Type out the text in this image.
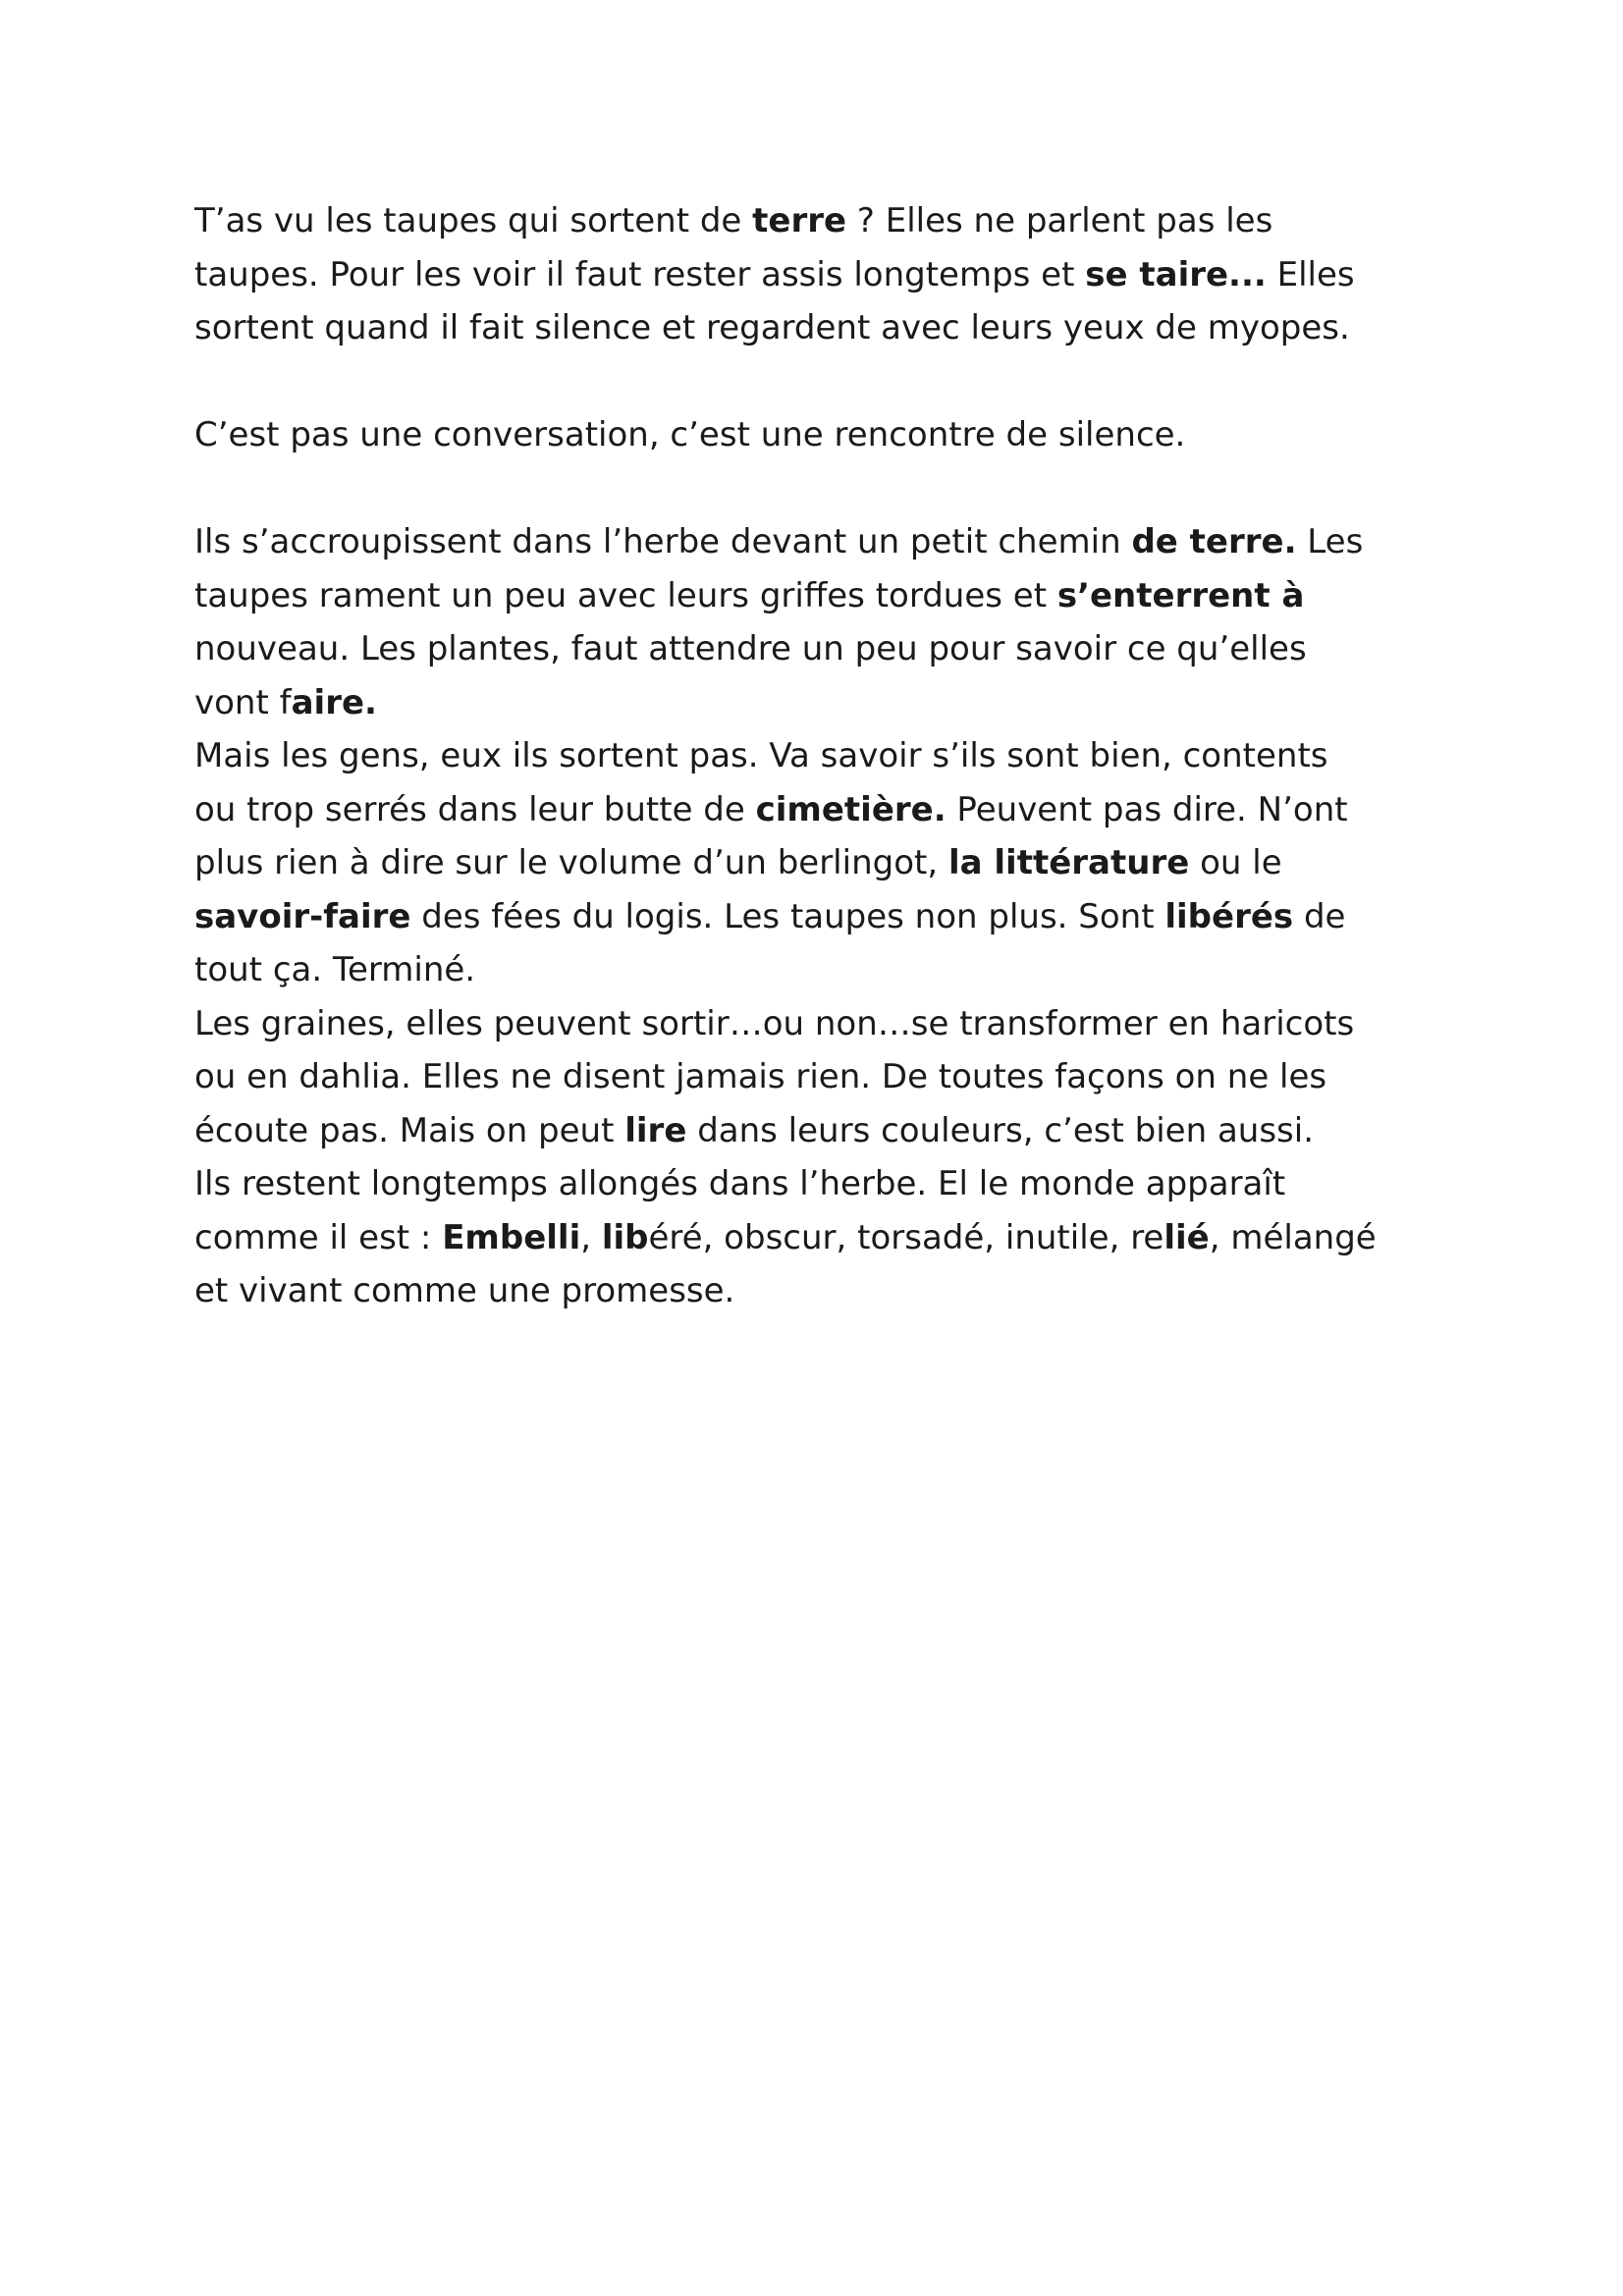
T’as vu les taupes qui sortent de terre ? Elles ne parlent pas les
taupes. Pour les voir il faut rester assis longtemps et se taire... Elles
sortent quand il fait silence et regardent avec leurs yeux de myopes.
C’est pas une conversation, c’est une rencontre de silence.
Ils s’accroupissent dans l’herbe devant un petit chemin de terre. Les
taupes rament un peu avec leurs griffes tordues et s’enterrent à
nouveau. Les plantes, faut attendre un peu pour savoir ce qu’elles
vont faire.
Mais les gens, eux ils sortent pas. Va savoir s’ils sont bien, contents
ou trop serrés dans leur butte de cimetière. Peuvent pas dire. N’ont
plus rien à dire sur le volume d’un berlingot, la littérature ou le
savoir-faire des fées du logis. Les taupes non plus. Sont libérés de
tout ça. Terminé.
Les graines, elles peuvent sortir…ou non…se transformer en haricots
ou en dahlia. Elles ne disent jamais rien. De toutes façons on ne les
écoute pas. Mais on peut lire dans leurs couleurs, c’est bien aussi.
Ils restent longtemps allongés dans l’herbe. El le monde apparaît
comme il est : Embelli, libéré, obscur, torsadé, inutile, relié, mélangé
et vivant comme une promesse.
